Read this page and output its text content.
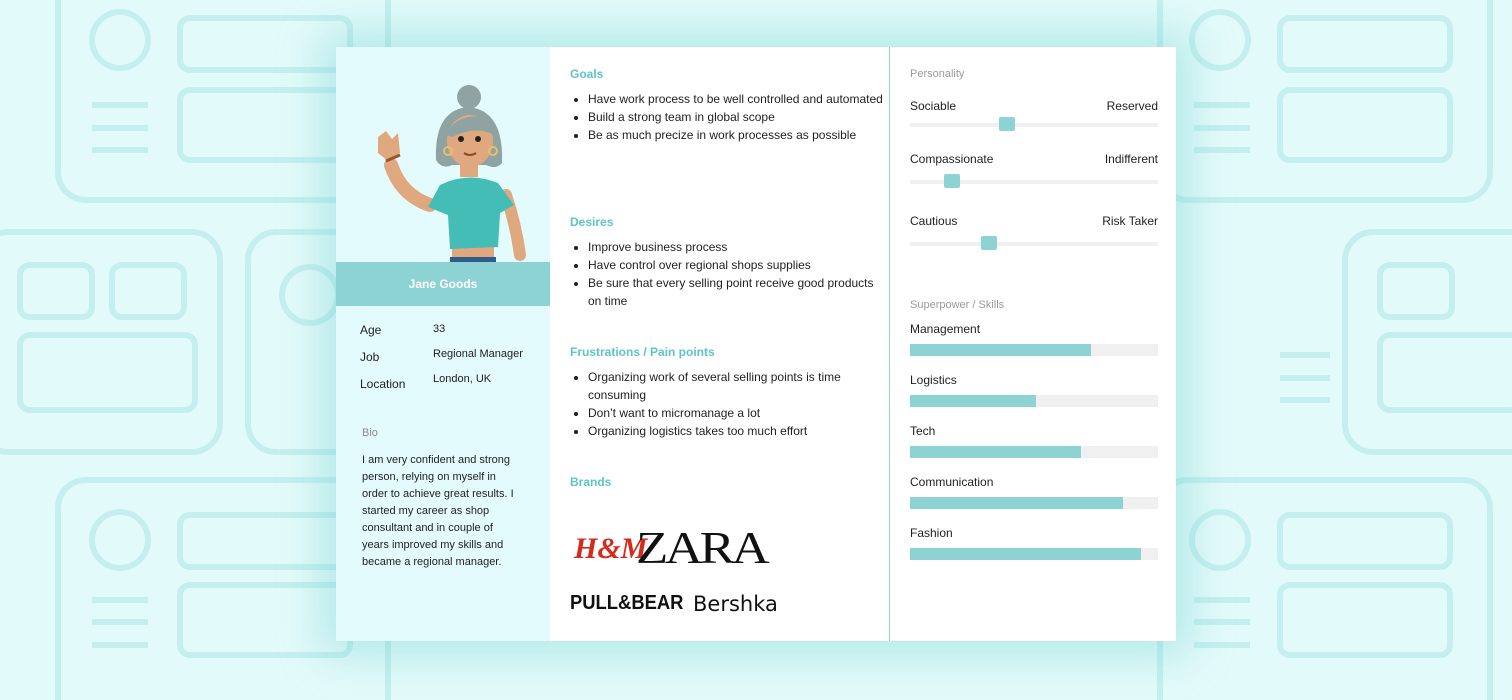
Jane Goods
Age	33
Job	Regional Manager
Location	London, UK
Bio
I am very confident and strong person, relying on myself in order to achieve great results. I started my career as shop consultant and in couple of years improved my skills and became a regional manager.
Goals
• Have work process to be well controlled and automated
• Build a strong team in global scope
• Be as much precize in work processes as possible
Desires
• Improve business process
• Have control over regional shops supplies
• Be sure that every selling point receive good products on time
Frustrations / Pain points
• Organizing work of several selling points is time consuming
• Don’t want to micromanage a lot
• Organizing logistics takes too much effort
Brands
H&M
ZARA
PULL&BEAR Bershka
Personality
Sociable	Reserved
Compassionate	Indifferent
Cautious	Risk Taker
Superpower / Skills
Management
Logistics
Tech
Communication
Fashion
